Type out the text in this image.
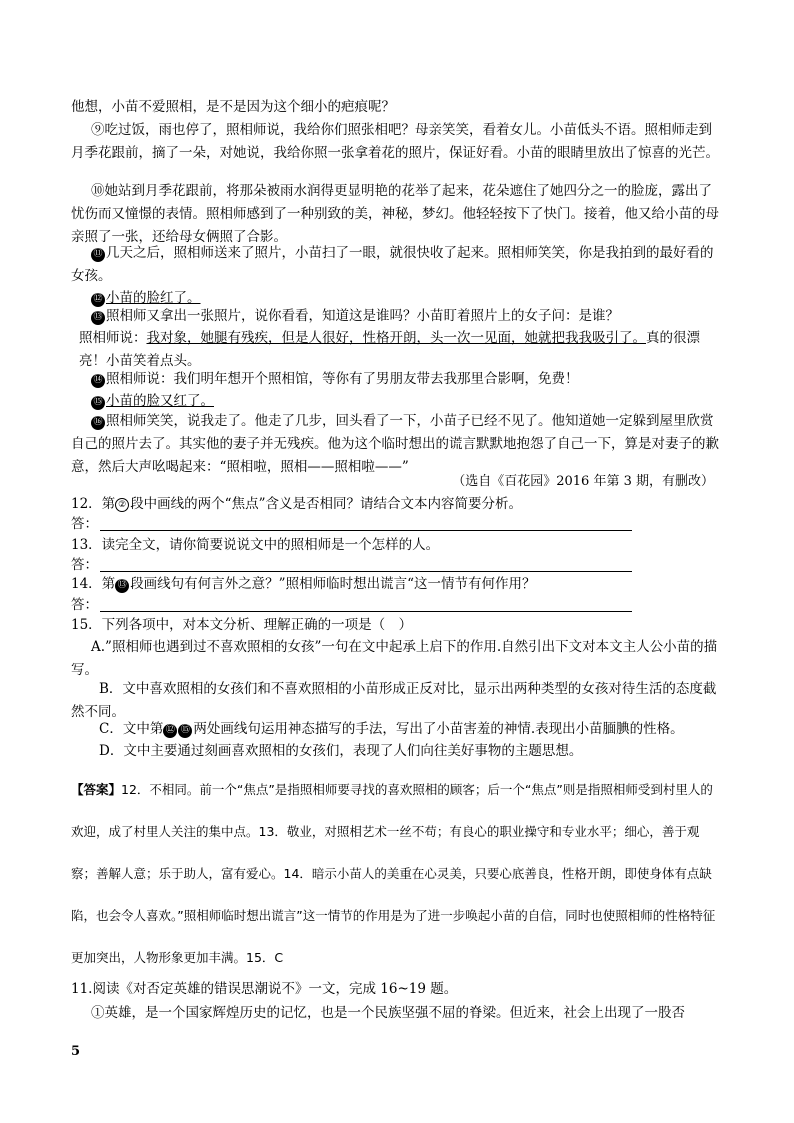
他想，小苗不爱照相，是不是因为这个细小的疤痕呢？

⑨吃过饭，雨也停了，照相师说，我给你们照张相吧？母亲笑笑，看着女儿。小苗低头不语。照相师走到月季花跟前，摘了一朵，对她说，我给你照一张拿着花的照片，保证好看。小苗的眼睛里放出了惊喜的光芒。

⑩她站到月季花跟前，将那朵被雨水润得更显明艳的花举了起来，花朵遮住了她四分之一的脸庞，露出了忧伤而又憧憬的表情。照相师感到了一种别致的美，神秘，梦幻。他轻轻按下了快门。接着，他又给小苗的母亲照了一张，还给母女俩照了合影。

⑪ 几天之后，照相师送来了照片，小苗扫了一眼，就很快收了起来。照相师笑笑，你是我拍到的最好看的女孩。

⑫ 小苗的脸红了。

⑬ 照相师又拿出一张照片，说你看看，知道这是谁吗？小苗盯着照片上的女子问：是谁？

照相师说：我对象，她腿有残疾，但是人很好，性格开朗，头一次一见面，她就把我我吸引了。真的很漂亮！小苗笑着点头。

⑭ 照相师说：我们明年想开个照相馆，等你有了男朋友带去我那里合影啊，免费！

⑮ 小苗的脸又红了。

⑯ 照相师笑笑，说我走了。他走了几步，回头看了一下，小苗子已经不见了。他知道她一定躲到屋里欣赏自己的照片去了。其实他的妻子并无残疾。他为这个临时想出的谎言默默地抱怨了自己一下，算是对妻子的歉意，然后大声吆喝起来：“照相啦，照相——照相啦——”

（选自《百花园》2016 年第 3 期，有删改）

12．第 ② 段中画线的两个“焦点”含义是否相同？请结合文本内容简要分析。

答：

13．读完全文，请你简要说说文中的照相师是一个怎样的人。

答：

14．第 ⑬ 段画线句有何言外之意？”照相师临时想出谎言“这一情节有何作用？

答：

15．下列各项中，对本文分析、理解正确的一项是（　）

A.”照相师也遇到过不喜欢照相的女孩”一句在文中起承上启下的作用.自然引出下文对本文主人公小苗的描写。

B．文中喜欢照相的女孩们和不喜欢照相的小苗形成正反对比，显示出两种类型的女孩对待生活的态度截然不同。

C．文中第 ⑫ ⑮ 两处画线句运用神态描写的手法，写出了小苗害羞的神情.表现出小苗腼腆的性格。

D．文中主要通过刻画喜欢照相的女孩们，表现了人们向往美好事物的主题思想。

【答案】12．不相同。前一个“焦点”是指照相师要寻找的喜欢照相的顾客；后一个“焦点”则是指照相师受到村里人的欢迎，成了村里人关注的集中点。13．敬业，对照相艺术一丝不苟；有良心的职业操守和专业水平；细心，善于观察；善解人意；乐于助人，富有爱心。14．暗示小苗人的美重在心灵美，只要心底善良，性格开朗，即使身体有点缺陷，也会令人喜欢。”照相师临时想出谎言”这一情节的作用是为了进一步唤起小苗的自信，同时也使照相师的性格特征更加突出，人物形象更加丰满。15．C

11.阅读《对否定英雄的错误思潮说不》一文，完成 16~19 题。

①英雄，是一个国家辉煌历史的记忆，也是一个民族坚强不屈的脊梁。但近来，社会上出现了一股否

5
